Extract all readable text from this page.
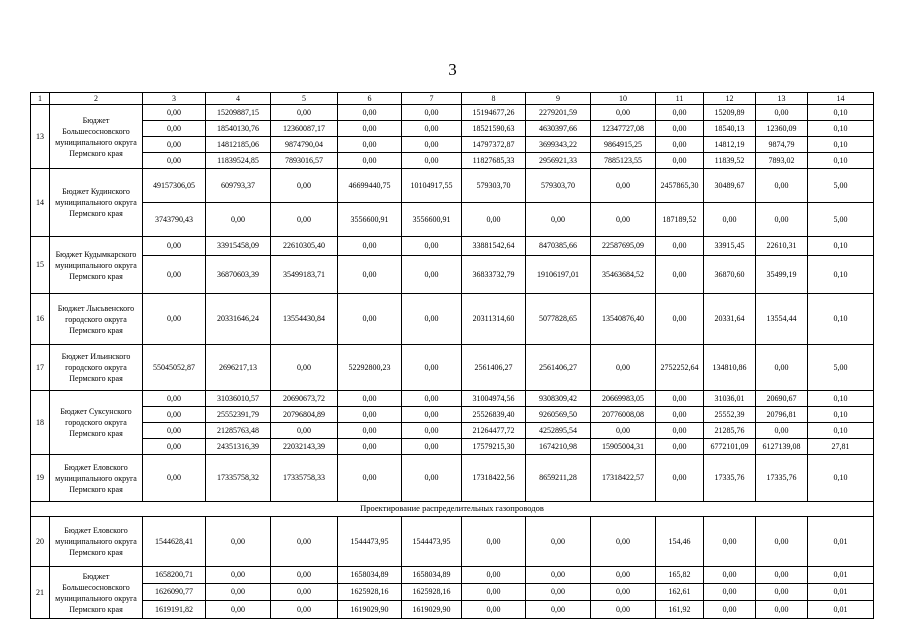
3
1	2	3	4	5	6	7	8	9	10	11	12	13	14
13	Бюджет Большесосновского муниципального округа Пермского края	0,00	15209887,15	0,00	0,00	0,00	15194677,26	2279201,59	0,00	0,00	15209,89	0,00	0,10
		0,00	18540130,76	12360087,17	0,00	0,00	18521590,63	4630397,66	12347727,08	0,00	18540,13	12360,09	0,10
		0,00	14812185,06	9874790,04	0,00	0,00	14797372,87	3699343,22	9864915,25	0,00	14812,19	9874,79	0,10
		0,00	11839524,85	7893016,57	0,00	0,00	11827685,33	2956921,33	7885123,55	0,00	11839,52	7893,02	0,10
14	Бюджет Кудинского муниципального округа Пермского края	49157306,05	609793,37	0,00	46699440,75	10104917,55	579303,70	579303,70	0,00	2457865,30	30489,67	0,00	5,00
		3743790,43	0,00	0,00	3556600,91	3556600,91	0,00	0,00	0,00	187189,52	0,00	0,00	5,00
15	Бюджет Кудымкарского муниципального округа Пермского края	0,00	33915458,09	22610305,40	0,00	0,00	33881542,64	8470385,66	22587695,09	0,00	33915,45	22610,31	0,10
		0,00	36870603,39	35499183,71	0,00	0,00	36833732,79	19106197,01	35463684,52	0,00	36870,60	35499,19	0,10
16	Бюджет Лысьвенского городского округа Пермского края	0,00	20331646,24	13554430,84	0,00	0,00	20311314,60	5077828,65	13540876,40	0,00	20331,64	13554,44	0,10
17	Бюджет Ильинского городского округа Пермского края	55045052,87	2696217,13	0,00	52292800,23	0,00	2561406,27	2561406,27	0,00	2752252,64	134810,86	0,00	5,00
18	Бюджет Суксунского городского округа Пермского края	0,00	31036010,57	20690673,72	0,00	0,00	31004974,56	9308309,42	20669983,05	0,00	31036,01	20690,67	0,10
		0,00	25552391,79	20796804,89	0,00	0,00	25526839,40	9260569,50	20776008,08	0,00	25552,39	20796,81	0,10
		0,00	21285763,48	0,00	0,00	0,00	21264477,72	4252895,54	0,00	0,00	21285,76	0,00	0,10
		0,00	24351316,39	22032143,39	0,00	0,00	17579215,30	1674210,98	15905004,31	0,00	6772101,09	6127139,08	27,81
19	Бюджет Еловского муниципального округа Пермского края	0,00	17335758,32	17335758,33	0,00	0,00	17318422,56	8659211,28	17318422,57	0,00	17335,76	17335,76	0,10
Проектирование распределительных газопроводов													
20	Бюджет Еловского муниципального округа Пермского края	1544628,41	0,00	0,00	1544473,95	1544473,95	0,00	0,00	0,00	154,46	0,00	0,00	0,01
21	Бюджет Большесосновского муниципального округа Пермского края	1658200,71	0,00	0,00	1658034,89	1658034,89	0,00	0,00	0,00	165,82	0,00	0,00	0,01
		1626090,77	0,00	0,00	1625928,16	1625928,16	0,00	0,00	0,00	162,61	0,00	0,00	0,01
		1619191,82	0,00	0,00	1619029,90	1619029,90	0,00	0,00	0,00	161,92	0,00	0,00	0,01
